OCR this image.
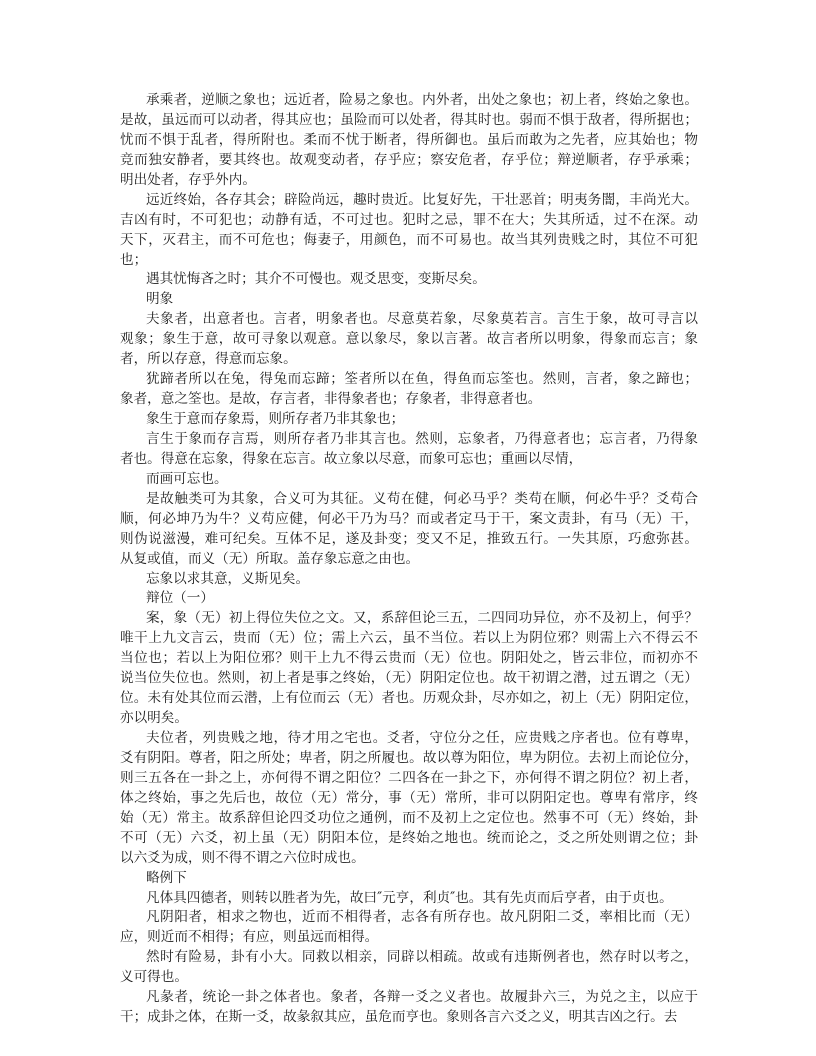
承乘者，逆顺之象也；远近者，险易之象也。内外者，出处之象也；初上者，终始之象也。
是故，虽远而可以动者，得其应也；虽险而可以处者，得其时也。弱而不惧于敌者，得所据也；
忧而不惧于乱者，得所附也。柔而不忧于断者，得所御也。虽后而敢为之先者，应其始也；物
竞而独安静者，要其终也。故观变动者，存乎应；察安危者，存乎位；辩逆顺者，存乎承乘；
明出处者，存乎外内。
远近终始，各存其会；辟险尚远，趣时贵近。比复好先，干壮恶首；明夷务闇，丰尚光大。
吉凶有时，不可犯也；动静有适，不可过也。犯时之忌，罪不在大；失其所适，过不在深。动
天下，灭君主，而不可危也；侮妻子，用颜色，而不可易也。故当其列贵贱之时，其位不可犯
也；
遇其忧悔吝之时；其介不可慢也。观爻思变，变斯尽矣。
明象
夫象者，出意者也。言者，明象者也。尽意莫若象，尽象莫若言。言生于象，故可寻言以
观象；象生于意，故可寻象以观意。意以象尽，象以言著。故言者所以明象，得象而忘言；象
者，所以存意，得意而忘象。
犹蹄者所以在兔，得兔而忘蹄；筌者所以在鱼，得鱼而忘筌也。然则，言者，象之蹄也；
象者，意之筌也。是故，存言者，非得象者也；存象者，非得意者也。
象生于意而存象焉，则所存者乃非其象也；
言生于象而存言焉，则所存者乃非其言也。然则，忘象者，乃得意者也；忘言者，乃得象
者也。得意在忘象，得象在忘言。故立象以尽意，而象可忘也；重画以尽情，
而画可忘也。
是故触类可为其象，合义可为其征。义苟在健，何必马乎？类苟在顺，何必牛乎？爻苟合
顺，何必坤乃为牛？义苟应健，何必干乃为马？而或者定马于干，案文责卦，有马（无）干，
则伪说滋漫，难可纪矣。互体不足，遂及卦变；变又不足，推致五行。一失其原，巧愈弥甚。
从复或值，而义（无）所取。盖存象忘意之由也。
忘象以求其意，义斯见矣。
辩位（一）
案，象（无）初上得位失位之文。又，系辞但论三五，二四同功异位，亦不及初上，何乎？
唯干上九文言云，贵而（无）位；需上六云，虽不当位。若以上为阴位邪？则需上六不得云不
当位也；若以上为阳位邪？则干上九不得云贵而（无）位也。阴阳处之，皆云非位，而初亦不
说当位失位也。然则，初上者是事之终始，（无）阴阳定位也。故干初谓之潜，过五谓之（无）
位。未有处其位而云潜，上有位而云（无）者也。历观众卦，尽亦如之，初上（无）阴阳定位，
亦以明矣。
夫位者，列贵贱之地，待才用之宅也。爻者，守位分之任，应贵贱之序者也。位有尊卑，
爻有阴阳。尊者，阳之所处；卑者，阴之所履也。故以尊为阳位，卑为阴位。去初上而论位分，
则三五各在一卦之上，亦何得不谓之阳位？二四各在一卦之下，亦何得不谓之阴位？初上者，
体之终始，事之先后也，故位（无）常分，事（无）常所，非可以阴阳定也。尊卑有常序，终
始（无）常主。故系辞但论四爻功位之通例，而不及初上之定位也。然事不可（无）终始，卦
不可（无）六爻，初上虽（无）阴阳本位，是终始之地也。统而论之，爻之所处则谓之位；卦
以六爻为成，则不得不谓之六位时成也。
略例下
凡体具四德者，则转以胜者为先，故曰″元亨，利贞″也。其有先贞而后亨者，由于贞也。
凡阴阳者，相求之物也，近而不相得者，志各有所存也。故凡阴阳二爻，率相比而（无）
应，则近而不相得；有应，则虽远而相得。
然时有险易，卦有小大。同救以相亲，同辟以相疏。故或有违斯例者也，然存时以考之，
义可得也。
凡彖者，统论一卦之体者也。象者，各辩一爻之义者也。故履卦六三，为兑之主，以应于
干；成卦之体，在斯一爻，故彖叙其应，虽危而亨也。象则各言六爻之义，明其吉凶之行。去
